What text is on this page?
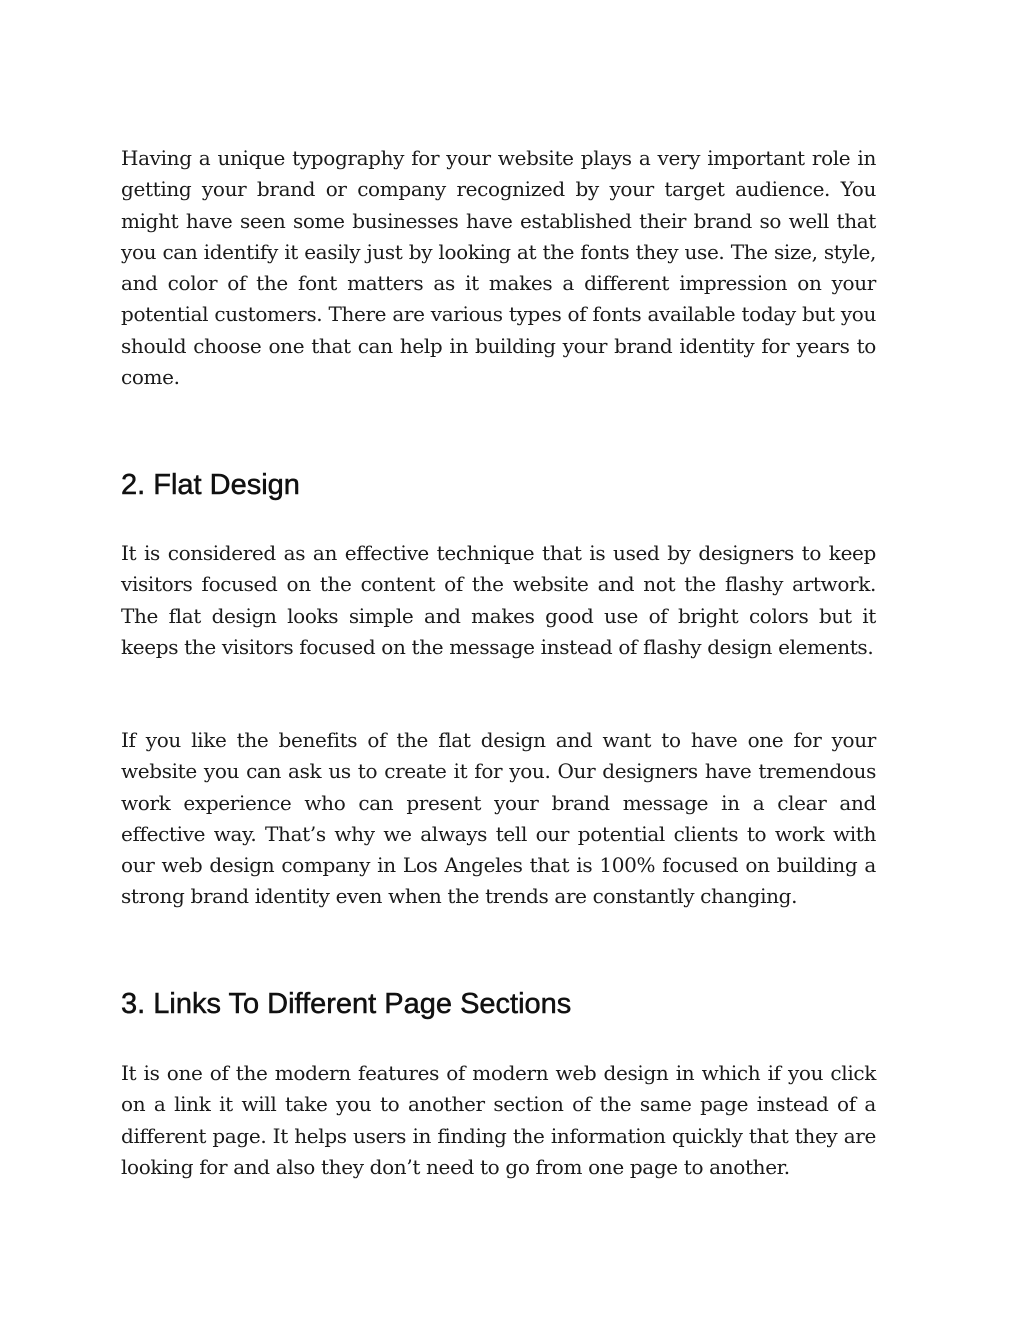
Having a unique typography for your website plays a very important role in getting your brand or company recognized by your target audience. You might have seen some businesses have established their brand so well that you can identify it easily just by looking at the fonts they use. The size, style, and color of the font matters as it makes a different impression on your potential customers. There are various types of fonts available today but you should choose one that can help in building your brand identity for years to come.

2. Flat Design

It is considered as an effective technique that is used by designers to keep visitors focused on the content of the website and not the flashy artwork. The flat design looks simple and makes good use of bright colors but it keeps the visitors focused on the message instead of flashy design elements.

If you like the benefits of the flat design and want to have one for your website you can ask us to create it for you. Our designers have tremendous work experience who can present your brand message in a clear and effective way. That’s why we always tell our potential clients to work with our web design company in Los Angeles that is 100% focused on building a strong brand identity even when the trends are constantly changing.

3. Links To Different Page Sections

It is one of the modern features of modern web design in which if you click on a link it will take you to another section of the same page instead of a different page. It helps users in finding the information quickly that they are looking for and also they don’t need to go from one page to another.
